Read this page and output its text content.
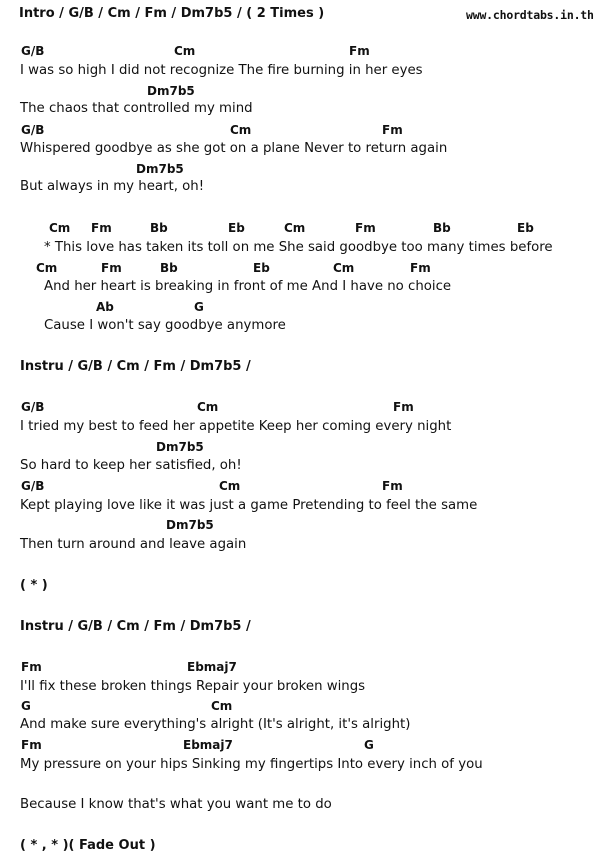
Intro / G/B / Cm / Fm / Dm7b5 / ( 2 Times )	www.chordtabs.in.th
G/B	Cm	Fm
I was so high I did not recognize The fire burning in her eyes
Dm7b5
The chaos that controlled my mind
G/B	Cm	Fm
Whispered goodbye as she got on a plane Never to return again
Dm7b5
But always in my heart, oh!
Cm Fm	Bb	Eb	Cm	Fm	Bb	Eb
* This love has taken its toll on me She said goodbye too many times before
Cm	Fm	Bb	Eb	Cm	Fm
And her heart is breaking in front of me And I have no choice
Ab	G
Cause I won't say goodbye anymore
Instru / G/B / Cm / Fm / Dm7b5 /
G/B	Cm	Fm
I tried my best to feed her appetite Keep her coming every night
Dm7b5
So hard to keep her satisfied, oh!
G/B	Cm	Fm
Kept playing love like it was just a game Pretending to feel the same
Dm7b5
Then turn around and leave again
( * )
Instru / G/B / Cm / Fm / Dm7b5 /
Fm	Ebmaj7
I'll fix these broken things Repair your broken wings
G	Cm
And make sure everything's alright (It's alright, it's alright)
Fm	Ebmaj7	G
My pressure on your hips Sinking my fingertips Into every inch of you
Because I know that's what you want me to do
( * , * )( Fade Out )
